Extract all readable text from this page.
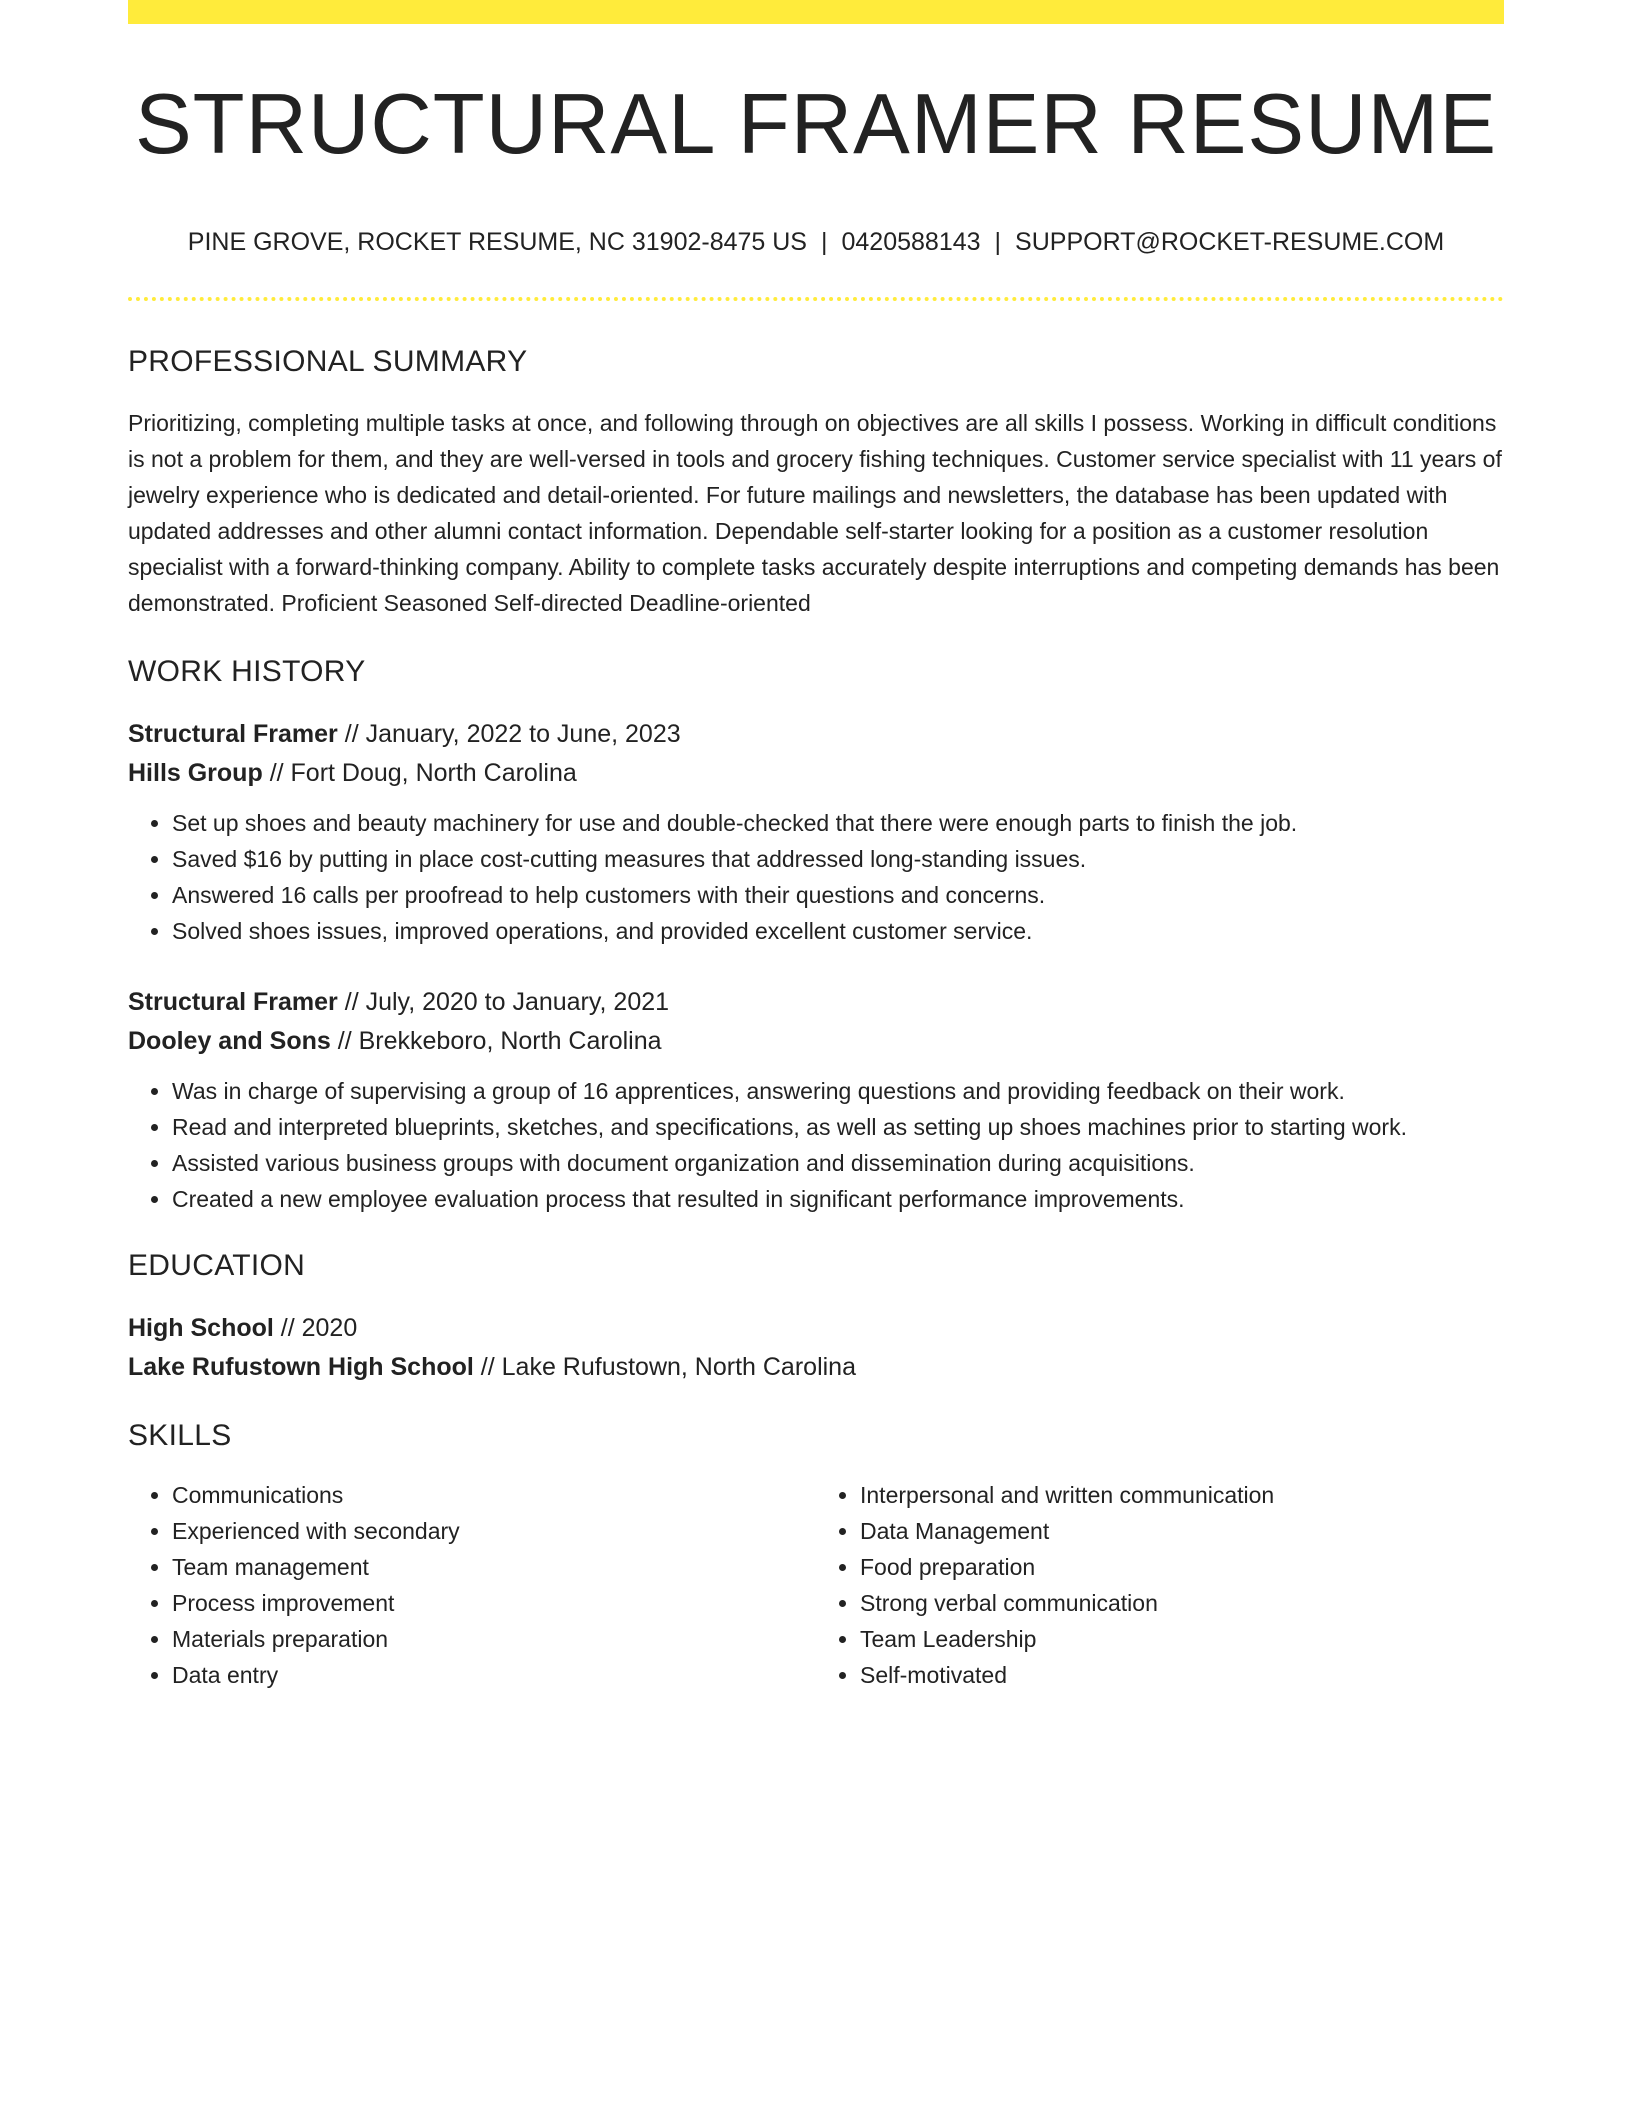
STRUCTURAL FRAMER RESUME
PINE GROVE, ROCKET RESUME, NC 31902-8475 US | 0420588143 | SUPPORT@ROCKET-RESUME.COM
PROFESSIONAL SUMMARY
Prioritizing, completing multiple tasks at once, and following through on objectives are all skills I possess. Working in difficult conditions is not a problem for them, and they are well-versed in tools and grocery fishing techniques. Customer service specialist with 11 years of jewelry experience who is dedicated and detail-oriented. For future mailings and newsletters, the database has been updated with updated addresses and other alumni contact information. Dependable self-starter looking for a position as a customer resolution specialist with a forward-thinking company. Ability to complete tasks accurately despite interruptions and competing demands has been demonstrated. Proficient Seasoned Self-directed Deadline-oriented
WORK HISTORY
Structural Framer // January, 2022 to June, 2023
Hills Group // Fort Doug, North Carolina
• Set up shoes and beauty machinery for use and double-checked that there were enough parts to finish the job.
• Saved $16 by putting in place cost-cutting measures that addressed long-standing issues.
• Answered 16 calls per proofread to help customers with their questions and concerns.
• Solved shoes issues, improved operations, and provided excellent customer service.
Structural Framer // July, 2020 to January, 2021
Dooley and Sons // Brekkeboro, North Carolina
• Was in charge of supervising a group of 16 apprentices, answering questions and providing feedback on their work.
• Read and interpreted blueprints, sketches, and specifications, as well as setting up shoes machines prior to starting work.
• Assisted various business groups with document organization and dissemination during acquisitions.
• Created a new employee evaluation process that resulted in significant performance improvements.
EDUCATION
High School // 2020
Lake Rufustown High School // Lake Rufustown, North Carolina
SKILLS
• Communications
• Experienced with secondary
• Team management
• Process improvement
• Materials preparation
• Data entry
• Interpersonal and written communication
• Data Management
• Food preparation
• Strong verbal communication
• Team Leadership
• Self-motivated
